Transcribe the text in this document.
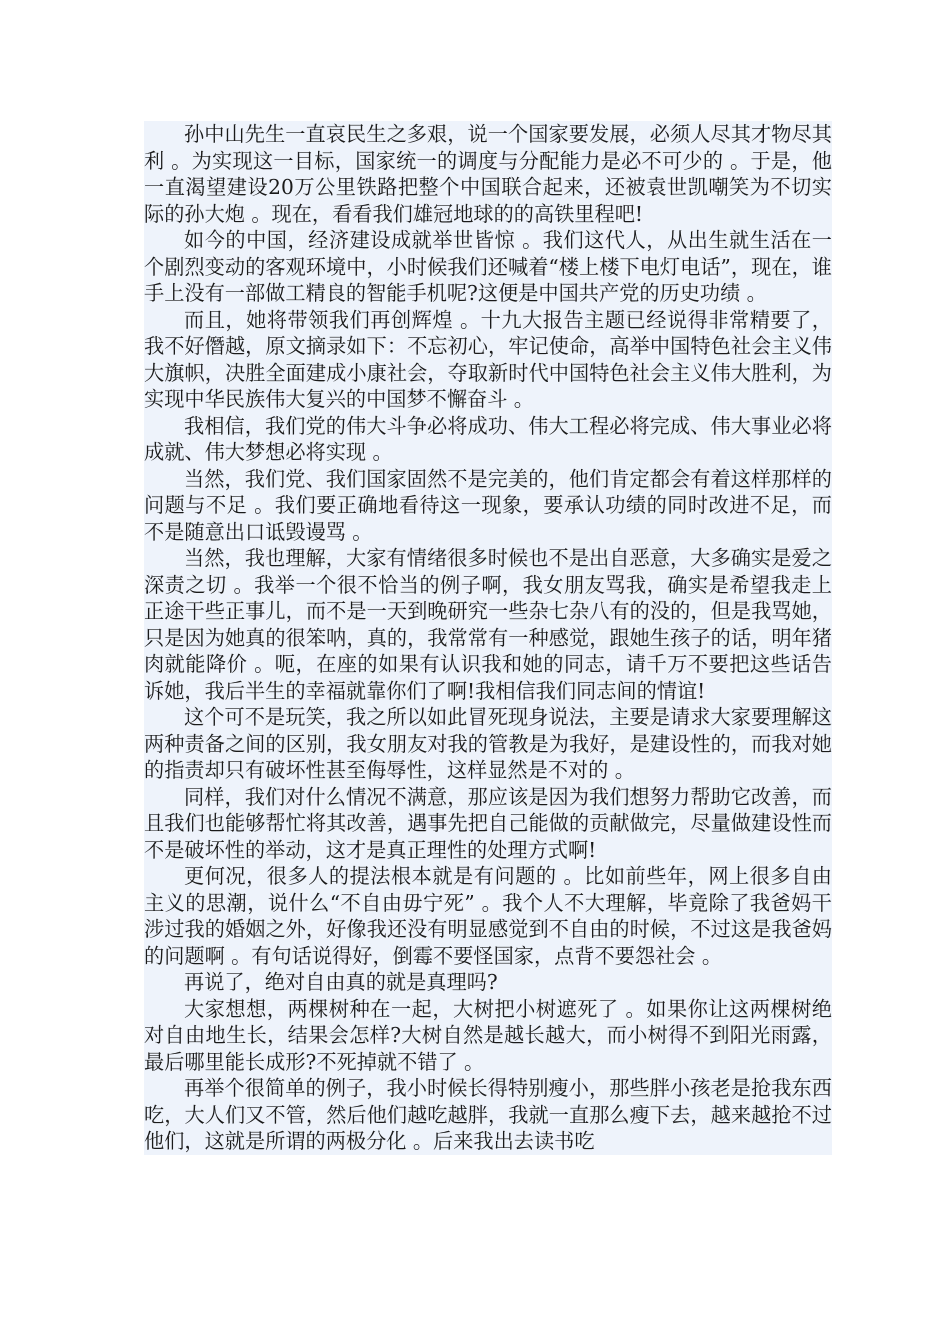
孙中山先生一直哀民生之多艰，说一个国家要发展，必须人尽其才物尽其利 。为实现这一目标，国家统一的调度与分配能力是必不可少的 。于是，他一直渴望建设20万公里铁路把整个中国联合起来，还被袁世凯嘲笑为不切实际的孙大炮 。现在，看看我们雄冠地球的的高铁里程吧!

如今的中国，经济建设成就举世皆惊 。我们这代人，从出生就生活在一个剧烈变动的客观环境中，小时候我们还喊着“楼上楼下电灯电话”，现在，谁手上没有一部做工精良的智能手机呢?这便是中国共产党的历史功绩 。

而且，她将带领我们再创辉煌 。十九大报告主题已经说得非常精要了，我不好僭越，原文摘录如下：不忘初心，牢记使命，高举中国特色社会主义伟大旗帜，决胜全面建成小康社会，夺取新时代中国特色社会主义伟大胜利，为实现中华民族伟大复兴的中国梦不懈奋斗 。

我相信，我们党的伟大斗争必将成功、伟大工程必将完成、伟大事业必将成就、伟大梦想必将实现 。

当然，我们党、我们国家固然不是完美的，他们肯定都会有着这样那样的问题与不足 。我们要正确地看待这一现象，要承认功绩的同时改进不足，而不是随意出口诋毁谩骂 。

当然，我也理解，大家有情绪很多时候也不是出自恶意，大多确实是爱之深责之切 。我举一个很不恰当的例子啊，我女朋友骂我，确实是希望我走上正途干些正事儿，而不是一天到晚研究一些杂七杂八有的没的，但是我骂她，只是因为她真的很笨呐，真的，我常常有一种感觉，跟她生孩子的话，明年猪肉就能降价 。呃，在座的如果有认识我和她的同志，请千万不要把这些话告诉她，我后半生的幸福就靠你们了啊!我相信我们同志间的情谊!

这个可不是玩笑，我之所以如此冒死现身说法，主要是请求大家要理解这两种责备之间的区别，我女朋友对我的管教是为我好，是建设性的，而我对她的指责却只有破坏性甚至侮辱性，这样显然是不对的 。

同样，我们对什么情况不满意，那应该是因为我们想努力帮助它改善，而且我们也能够帮忙将其改善，遇事先把自己能做的贡献做完，尽量做建设性而不是破坏性的举动，这才是真正理性的处理方式啊!

更何况，很多人的提法根本就是有问题的 。比如前些年，网上很多自由主义的思潮，说什么“不自由毋宁死” 。我个人不大理解，毕竟除了我爸妈干涉过我的婚姻之外，好像我还没有明显感觉到不自由的时候，不过这是我爸妈的问题啊 。有句话说得好，倒霉不要怪国家，点背不要怨社会 。

再说了，绝对自由真的就是真理吗?

大家想想，两棵树种在一起，大树把小树遮死了 。如果你让这两棵树绝对自由地生长，结果会怎样?大树自然是越长越大，而小树得不到阳光雨露，最后哪里能长成形?不死掉就不错了 。

再举个很简单的例子，我小时候长得特别瘦小，那些胖小孩老是抢我东西吃，大人们又不管，然后他们越吃越胖，我就一直那么瘦下去，越来越抢不过他们，这就是所谓的两极分化 。后来我出去读书吃
